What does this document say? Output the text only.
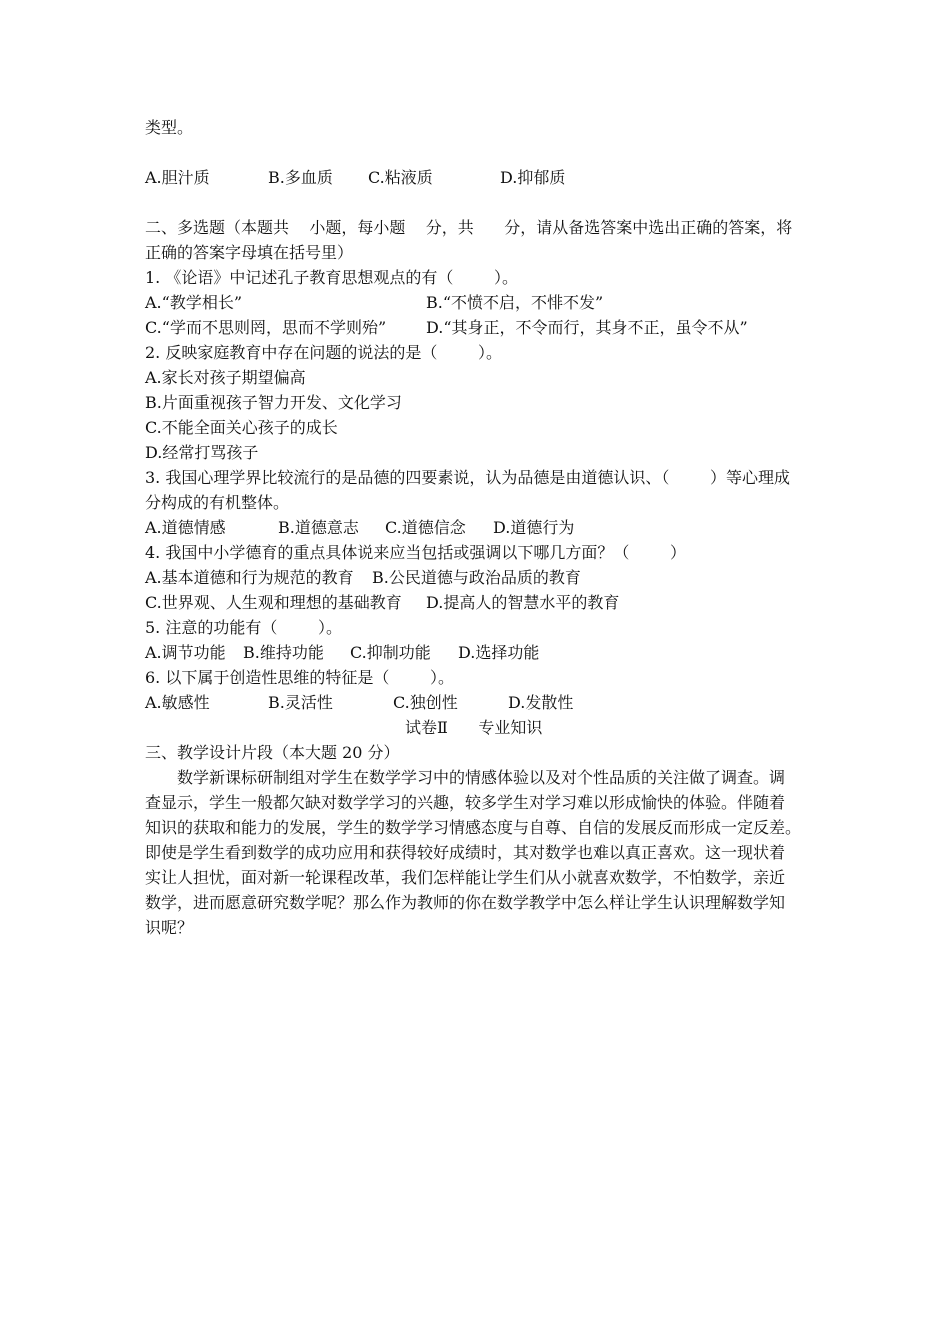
类型。
A.胆汁质	B.多血质 C.粘液质	D.抑郁质
二、多选题（本题共    小题，每小题    分，共      分，请从备选答案中选出正确的答案，将
正确的答案字母填在括号里）
1. 《论语》中记述孔子教育思想观点的有（        ）。
A.“教学相长”	B.“不愤不启，不悱不发”
C.“学而不思则罔，思而不学则殆” D.“其身正，不令而行，其身不正，虽令不从”
2. 反映家庭教育中存在问题的说法的是（        ）。
A.家长对孩子期望偏高
B.片面重视孩子智力开发、文化学习
C.不能全面关心孩子的成长
D.经常打骂孩子
3. 我国心理学界比较流行的是品德的四要素说，认为品德是由道德认识、（        ）等心理成
分构成的有机整体。
A.道德情感	B.道德意志 C.道德信念 D.道德行为
4. 我国中小学德育的重点具体说来应当包括或强调以下哪几方面？（        ）
A.基本道德和行为规范的教育 B.公民道德与政治品质的教育
C.世界观、人生观和理想的基础教育 D.提高人的智慧水平的教育
5. 注意的功能有（        ）。
A.调节功能 B.维持功能 C.抑制功能 D.选择功能
6. 以下属于创造性思维的特征是（        ）。
A.敏感性	B.灵活性	C.独创性	D.发散性
试卷Ⅱ      专业知识
三、教学设计片段（本大题 20 分）
数学新课标研制组对学生在数学学习中的情感体验以及对个性品质的关注做了调查。调
查显示，学生一般都欠缺对数学学习的兴趣，较多学生对学习难以形成愉快的体验。伴随着
知识的获取和能力的发展，学生的数学学习情感态度与自尊、自信的发展反而形成一定反差。
即使是学生看到数学的成功应用和获得较好成绩时，其对数学也难以真正喜欢。这一现状着
实让人担忧，面对新一轮课程改革，我们怎样能让学生们从小就喜欢数学，不怕数学，亲近
数学，进而愿意研究数学呢？那么作为教师的你在数学教学中怎么样让学生认识理解数学知
识呢？
